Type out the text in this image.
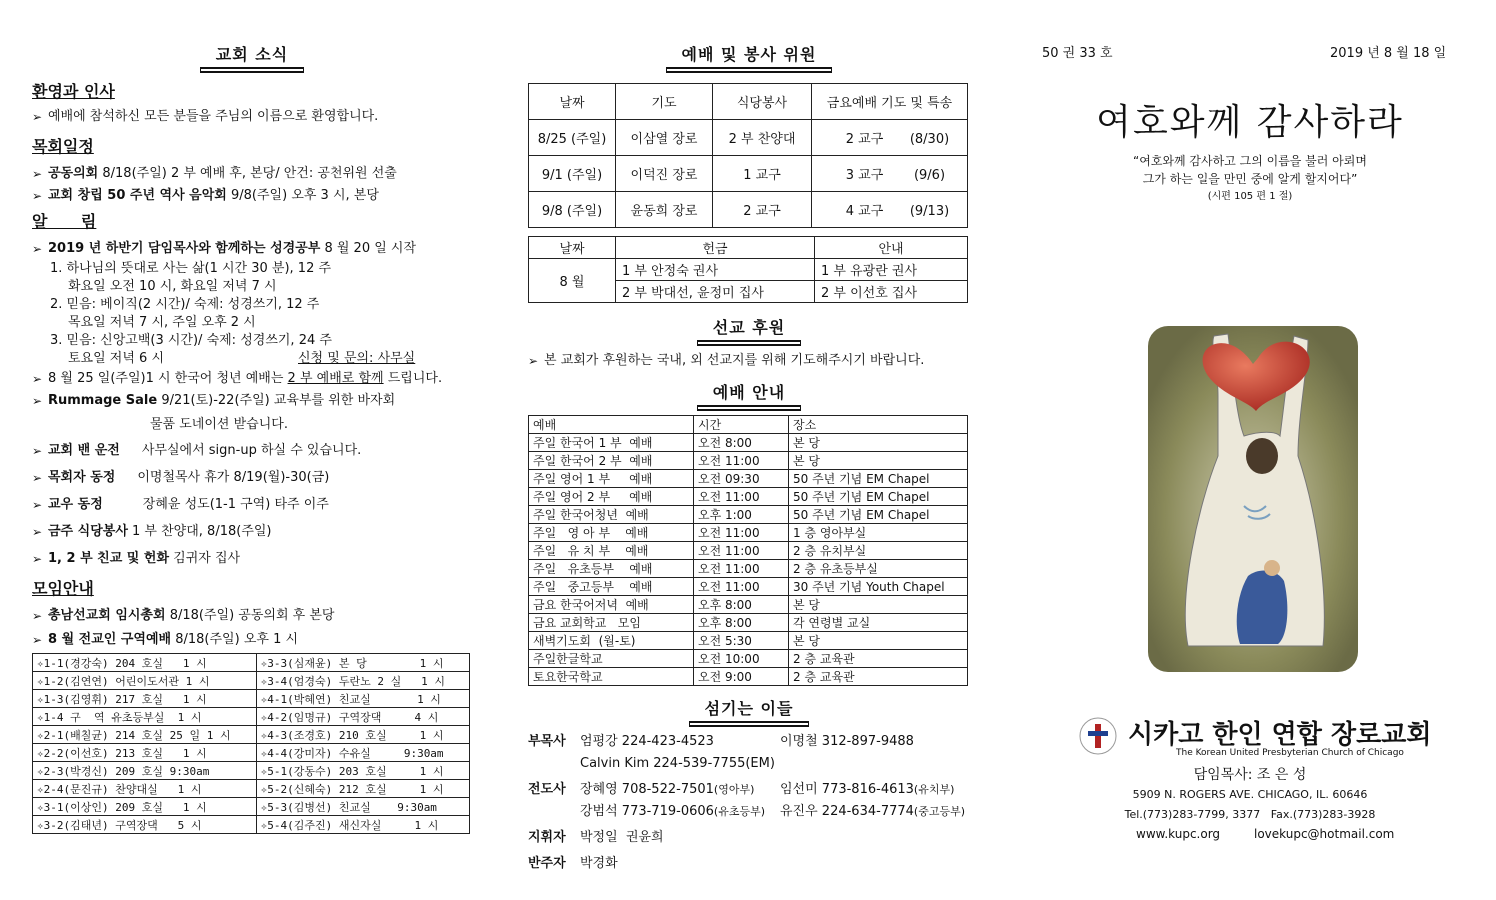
교회 소식

환영과 인사

➢ 예배에 참석하신 모든 분들을 주님의 이름으로 환영합니다.

목회일정

➢ 공동의회 8/18(주일) 2 부 예배 후, 본당/ 안건: 공천위원 선출

➢ 교회 창립 50 주년 역사 음악회 9/8(주일) 오후 3 시, 본당

알      림

➢ 2019 년 하반기 담임목사와 함께하는 성경공부 8 월 20 일 시작

1. 하나님의 뜻대로 사는 삶(1 시간 30 분), 12 주

화요일 오전 10 시, 화요일 저녁 7 시

2. 믿음: 베이직(2 시간)/ 숙제: 성경쓰기, 12 주

목요일 저녁 7 시, 주일 오후 2 시

3. 믿음: 신앙고백(3 시간)/ 숙제: 성경쓰기, 24 주

토요일 저녁 6 시	신청 및 문의: 사무실

➢ 8 월 25 일(주일)1 시 한국어 청년 예배는 2 부 예배로 함께 드립니다.

➢ Rummage Sale 9/21(토)-22(주일) 교육부를 위한 바자회

물품 도네이션 받습니다.

➢ 교회 밴 운전 사무실에서 sign-up 하실 수 있습니다.

➢ 목회자 동정 이명철목사 휴가 8/19(월)-30(금)

➢ 교우 동정	장혜윤 성도(1-1 구역) 타주 이주

➢ 금주 식당봉사 1 부 찬양대, 8/18(주일)

➢ 1, 2 부 친교 및 헌화 김귀자 집사

모임안내

➢ 총남선교회 임시총회 8/18(주일) 공동의회 후 본당

➢ 8 월 전교인 구역예배 8/18(주일) 오후 1 시

✧1-1(경강숙) 204 호실   1 시	✧3-3(심재윤) 본 당        1 시
✧1-2(김연연) 어린이도서관 1 시	✧3-4(엄경숙) 두란노 2 실   1 시
✧1-3(김영휘) 217 호실   1 시	✧4-1(박혜연) 친교실       1 시
✧1-4 구  역 유초등부실  1 시	✧4-2(임명규) 구역장댁     4 시
✧2-1(배칠균) 214 호실 25 일 1 시	✧4-3(조경호) 210 호실     1 시
✧2-2(이선호) 213 호실   1 시	✧4-4(강미자) 수유실     9:30am
✧2-3(박경신) 209 호실 9:30am	✧5-1(강동수) 203 호실     1 시
✧2-4(문진규) 찬양대실   1 시	✧5-2(신혜숙) 212 호실     1 시
✧3-1(이상인) 209 호실   1 시	✧5-3(김병선) 친교실    9:30am
✧3-2(김태년) 구역장댁   5 시	✧5-4(김주진) 새신자실     1 시
예배 및 봉사 위원
날짜	기도	식당봉사	금요예배 기도 및 특송
8/25 (주일)	이삼열 장로	2 부 찬양대	2 교구 (8/30)
9/1 (주일)	이덕진 장로	1 교구	3 교구 (9/6)
9/8 (주일)	윤동희 장로	2 교구	4 교구 (9/13)
날짜	헌금	안내
8 월	1 부 안정숙 권사	1 부 유광란 권사
	2 부 박대선, 윤정미 집사	2 부 이선호 집사
선교 후원

➢ 본 교회가 후원하는 국내, 외 선교지를 위해 기도해주시기 바랍니다.

예배 안내
예배	시간	장소
주일 한국어 1 부  예배	오전 8:00	본 당
주일 한국어 2 부  예배	오전 11:00	본 당
주일 영어 1 부     예배	오전 09:30	50 주년 기념 EM Chapel
주일 영어 2 부     예배	오전 11:00	50 주년 기념 EM Chapel
주일 한국어청년  예배	오후 1:00	50 주년 기념 EM Chapel
주일   영 아 부    예배	오전 11:00	1 층 영아부실
주일   유 치 부    예배	오전 11:00	2 층 유치부실
주일   유초등부    예배	오전 11:00	2 층 유초등부실
주일   중고등부    예배	오전 11:00	30 주년 기념 Youth Chapel
금요 한국어저녁  예배	오후 8:00	본 당
금요 교회학교   모임	오후 8:00	각 연령별 교실
새벽기도회  (월-토)	오전 5:30	본 당
주일한글학교	오전 10:00	2 층 교육관
토요한국학교	오전 9:00	2 층 교육관
섬기는 이들
부목사 엄평강 224-423-4523	이명철 312-897-9488
Calvin Kim 224-539-7755(EM)
전도사 장혜영 708-522-7501(영아부) 임선미 773-816-4613(유치부)
강범석 773-719-0606(유초등부) 유진우 224-634-7774(중고등부)
지휘자 박정일  권윤희
반주자 박경화
50 권 33 호	2019 년 8 월 18 일
여호와께 감사하라
“여호와께 감사하고 그의 이름을 불러 아뢰며
그가 하는 일을 만민 중에 알게 할지어다”
(시편 105 편 1 절)
시카고 한인 연합 장로교회
The Korean United Presbyterian Church of Chicago
담임목사: 조 은 성
5909 N. ROGERS AVE. CHICAGO, IL. 60646
Tel.(773)283-7799, 3377   Fax.(773)283-3928
www.kupc.org	lovekupc@hotmail.com
